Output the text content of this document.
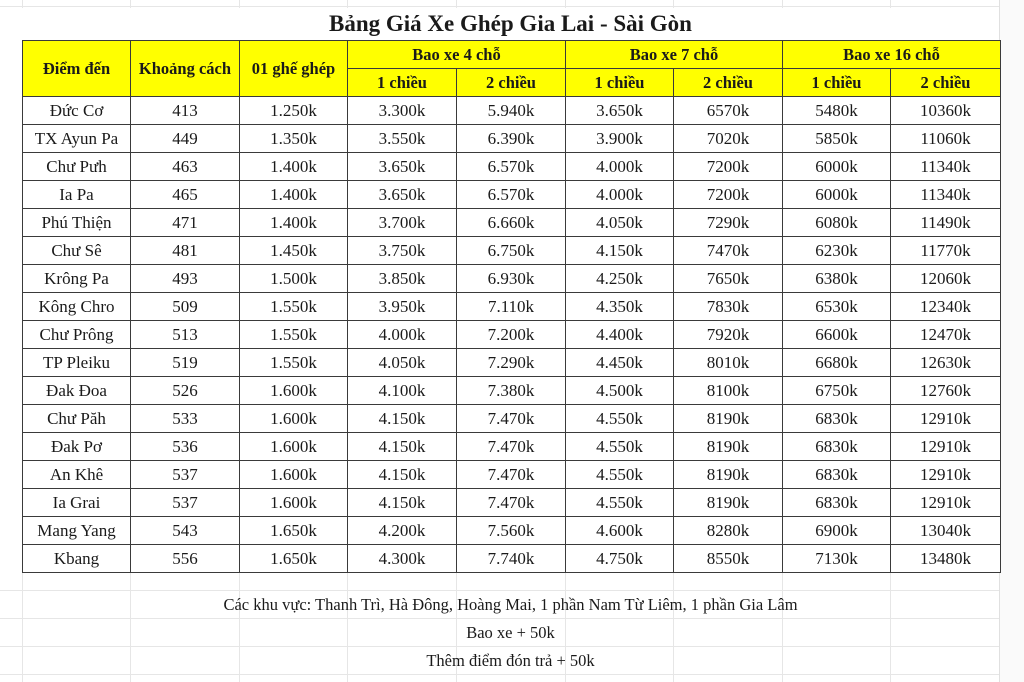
Bảng Giá Xe Ghép Gia Lai - Sài Gòn
Điểm đến	Khoảng cách	01 ghế ghép	Bao xe 4 chỗ		Bao xe 7 chỗ		Bao xe 16 chỗ	
			1 chiều	2 chiều	1 chiều	2 chiều	1 chiều	2 chiều
Đức Cơ	413	1.250k	3.300k	5.940k	3.650k	6570k	5480k	10360k
TX Ayun Pa	449	1.350k	3.550k	6.390k	3.900k	7020k	5850k	11060k
Chư Pưh	463	1.400k	3.650k	6.570k	4.000k	7200k	6000k	11340k
Ia Pa	465	1.400k	3.650k	6.570k	4.000k	7200k	6000k	11340k
Phú Thiện	471	1.400k	3.700k	6.660k	4.050k	7290k	6080k	11490k
Chư Sê	481	1.450k	3.750k	6.750k	4.150k	7470k	6230k	11770k
Krông Pa	493	1.500k	3.850k	6.930k	4.250k	7650k	6380k	12060k
Kông Chro	509	1.550k	3.950k	7.110k	4.350k	7830k	6530k	12340k
Chư Prông	513	1.550k	4.000k	7.200k	4.400k	7920k	6600k	12470k
TP Pleiku	519	1.550k	4.050k	7.290k	4.450k	8010k	6680k	12630k
Đak Đoa	526	1.600k	4.100k	7.380k	4.500k	8100k	6750k	12760k
Chư Păh	533	1.600k	4.150k	7.470k	4.550k	8190k	6830k	12910k
Đak Pơ	536	1.600k	4.150k	7.470k	4.550k	8190k	6830k	12910k
An Khê	537	1.600k	4.150k	7.470k	4.550k	8190k	6830k	12910k
Ia Grai	537	1.600k	4.150k	7.470k	4.550k	8190k	6830k	12910k
Mang Yang	543	1.650k	4.200k	7.560k	4.600k	8280k	6900k	13040k
Kbang	556	1.650k	4.300k	7.740k	4.750k	8550k	7130k	13480k
Các khu vực: Thanh Trì, Hà Đông, Hoàng Mai, 1 phần Nam Từ Liêm, 1 phần Gia Lâm
Bao xe + 50k
Thêm điểm đón trả + 50k
